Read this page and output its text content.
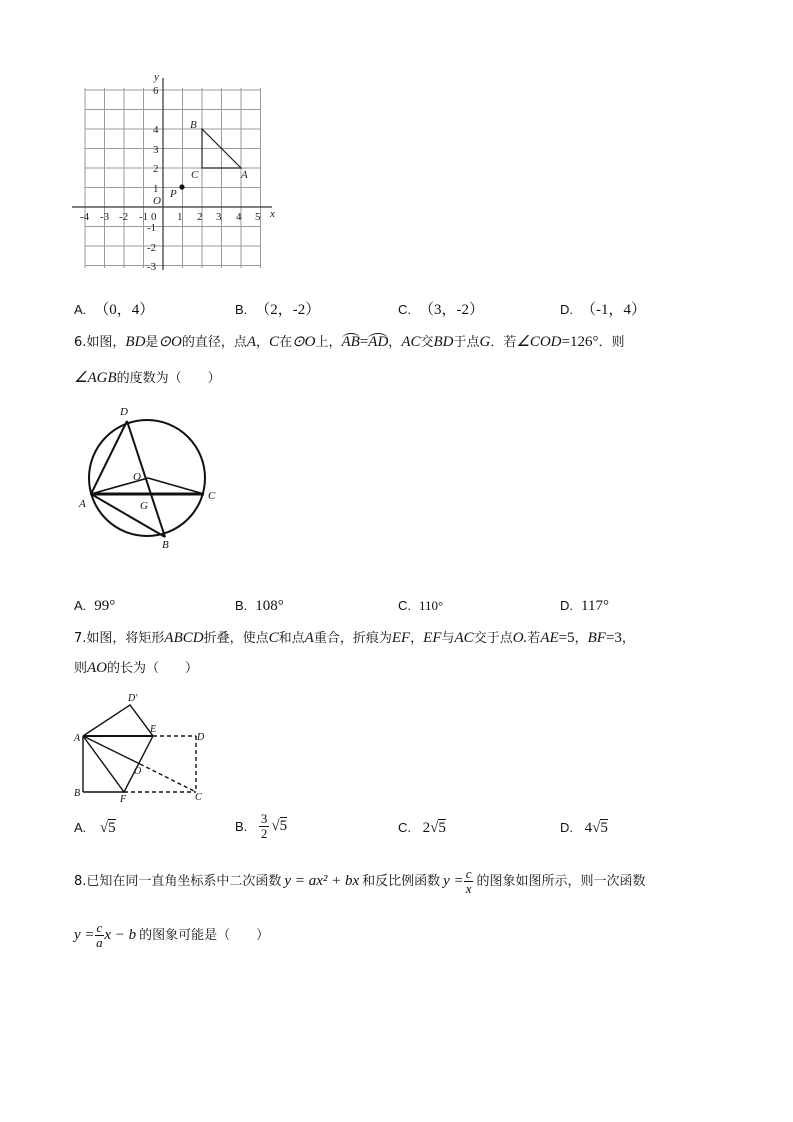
x
y
O
-4 -3 -2 -1 0 1 2 3 4 5
6
4
3
2
1
-1
-2
-3
B
C	A
P
A. （0，4）	B. （2，-2）	C. （3，-2）	D. （-1，4）
6.如图，BD是⊙O的直径，点A，C在⊙O上，AB=AD，AC交BD于点G．若∠COD=126°．则
∠AGB的度数为（　　）
D
O
A
C
G
B
A. 99°	B. 108°	C. 110°	D. 117°
7.如图，将矩形ABCD折叠，使点C和点A重合，折痕为EF，EF与AC交于点O.若AE=5，BF=3，
则AO的长为（　　）
D′
A
E
D
O
B
F	C
A. √5	B. $\frac{3}{2} √5$	C. 2√5	D. 4√5
8.已知在同一直角坐标系中二次函数 y = ax² + bx 和反比例函数 $y = \frac{c}{x}$ 的图象如图所示，则一次函数
$y = \frac{c}{a}$ x − b 的图象可能是（　　）
